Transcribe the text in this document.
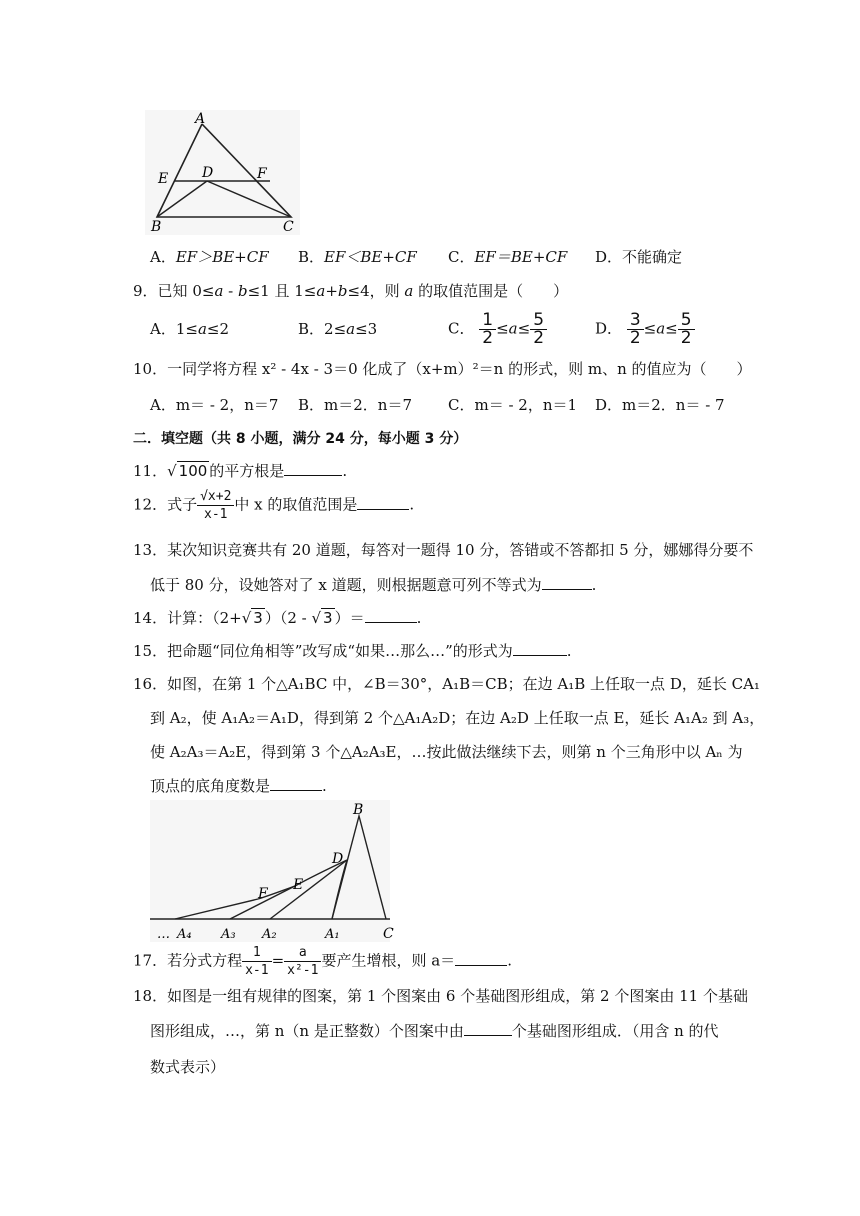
A
E D	F
B	C
A．EF＞BE+CF B．EF＜BE+CF C．EF＝BE+CF D．不能确定
9．已知 0≤a ‑ b≤1 且 1≤a+b≤4，则 a 的取值范围是（　　）
A．1≤a≤2	B．2≤a≤3	C． $\frac{1}{2} \le a\le \frac{5}{2}$	D． $\frac{3}{2} \le a\le \frac{5}{2}$
10．一同学将方程 x² ‑ 4x ‑ 3＝0 化成了（x+m）²＝n 的形式，则 m、n 的值应为（　　）
A．m＝ ‑ 2，n＝7 B．m＝2．n＝7 C．m＝ ‑ 2，n＝1 D．m＝2．n＝ ‑ 7
二．填空题（共 8 小题，满分 24 分，每小题 3 分）
11．√ 100 的平方根是	.
12．式子 $\frac{√x+2}{x-1}$ 中 x 的取值范围是	.
13．某次知识竞赛共有 20 道题，每答对一题得 10 分，答错或不答都扣 5 分，娜娜得分要不
低于 80 分，设她答对了 x 道题，则根据题意可列不等式为	.
14．计算：（2+√ 3 ）（2 ‑ √ 3 ）＝	.
15．把命题“同位角相等”改写成“如果…那么…”的形式为	.
16．如图，在第 1 个△A₁BC 中，∠B＝30°，A₁B＝CB；在边 A₁B 上任取一点 D，延长 CA₁
到 A₂，使 A₁A₂＝A₁D，得到第 2 个△A₁A₂D；在边 A₂D 上任取一点 E，延长 A₁A₂ 到 A₃，
使 A₂A₃＝A₂E，得到第 3 个△A₂A₃E，…按此做法继续下去，则第 n 个三角形中以 Aₙ 为
顶点的底角度数是	.
B
D
E
F
… A₄ A₃ A₂	A₁	C
17．若分式方程 $\frac{1}{x-1} = \frac{a}{\text{x²-1}}$ 要产生增根，则 a＝	.
18．如图是一组有规律的图案，第 1 个图案由 6 个基础图形组成，第 2 个图案由 11 个基础
图形组成，…，第 n（n 是正整数）个图案中由	个基础图形组成．（用含 n 的代
数式表示）
